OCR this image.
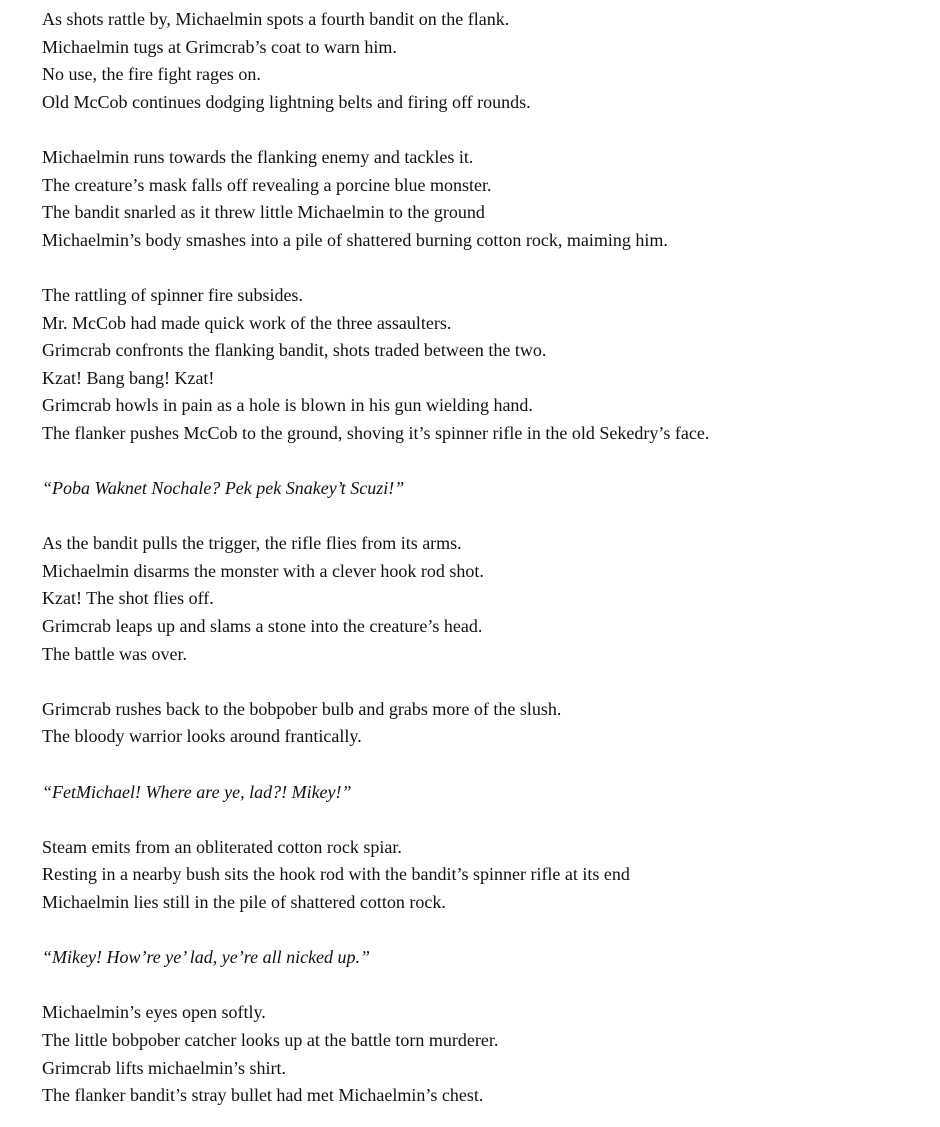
As shots rattle by, Michaelmin spots a fourth bandit on the flank.
Michaelmin tugs at Grimcrab’s coat to warn him.
No use, the fire fight rages on.
Old McCob continues dodging lightning belts and firing off rounds.
Michaelmin runs towards the flanking enemy and tackles it.
The creature’s mask falls off revealing a porcine blue monster.
The bandit snarled as it threw little Michaelmin to the ground
Michaelmin’s body smashes into a pile of shattered burning cotton rock, maiming him.
The rattling of spinner fire subsides.
Mr. McCob had made quick work of the three assaulters.
Grimcrab confronts the flanking bandit, shots traded between the two.
Kzat! Bang bang! Kzat!
Grimcrab howls in pain as a hole is blown in his gun wielding hand.
The flanker pushes McCob to the ground, shoving it’s spinner rifle in the old Sekedry’s face.
“Poba Waknet Nochale? Pek pek Snakey’t Scuzi!”
As the bandit pulls the trigger, the rifle flies from its arms.
Michaelmin disarms the monster with a clever hook rod shot.
Kzat! The shot flies off.
Grimcrab leaps up and slams a stone into the creature’s head.
The battle was over.
Grimcrab rushes back to the bobpober bulb and grabs more of the slush.
The bloody warrior looks around frantically.
“FetMichael! Where are ye, lad?! Mikey!”
Steam emits from an obliterated cotton rock spiar.
Resting in a nearby bush sits the hook rod with the bandit’s spinner rifle at its end
Michaelmin lies still in the pile of shattered cotton rock.
“Mikey! How’re ye’ lad, ye’re all nicked up.”
Michaelmin’s eyes open softly.
The little bobpober catcher looks up at the battle torn murderer.
Grimcrab lifts michaelmin’s shirt.
The flanker bandit’s stray bullet had met Michaelmin’s chest.
